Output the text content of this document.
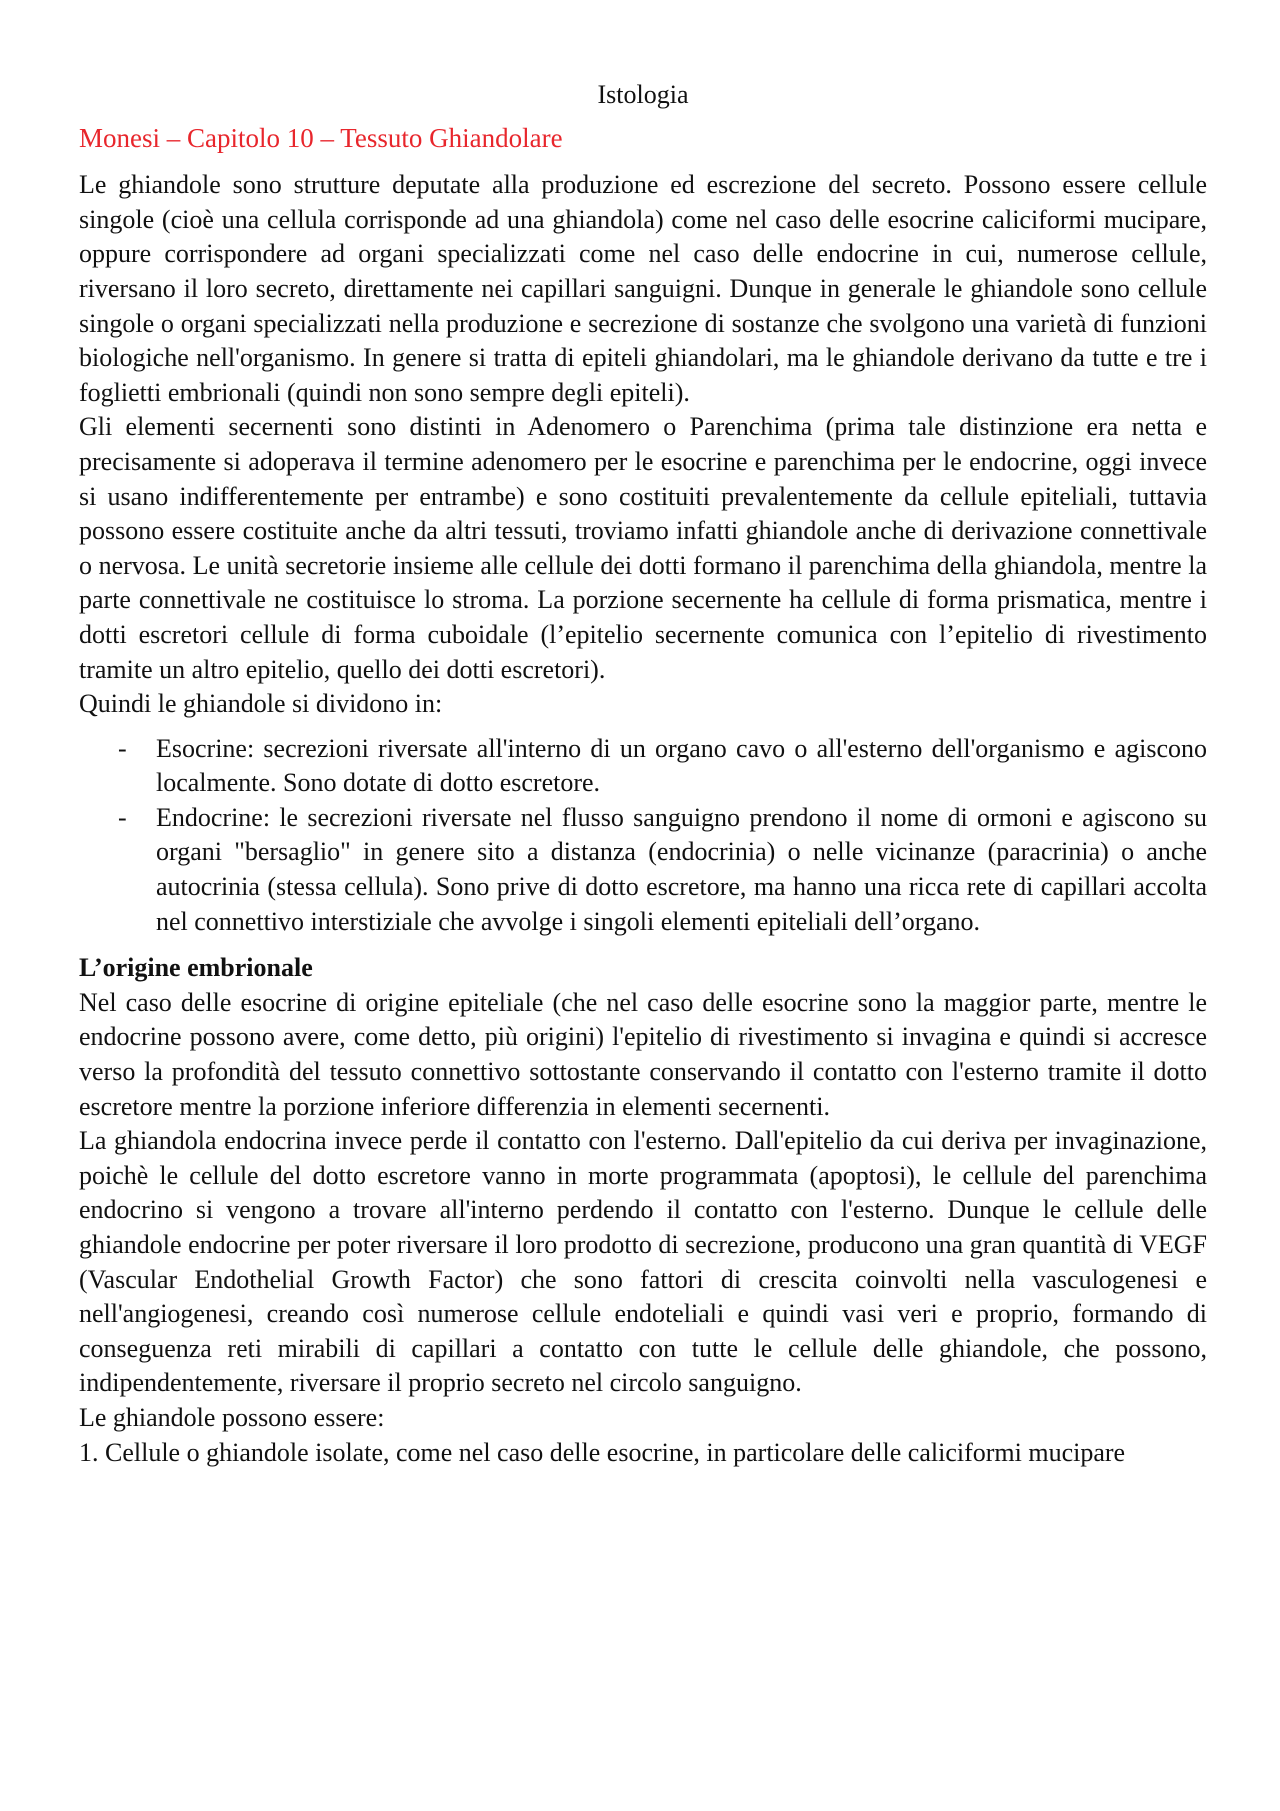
Istologia
Monesi – Capitolo 10 – Tessuto Ghiandolare

Le ghiandole sono strutture deputate alla produzione ed escrezione del secreto. Possono essere cellule singole (cioè una cellula corrisponde ad una ghiandola) come nel caso delle esocrine caliciformi mucipare, oppure corrispondere ad organi specializzati come nel caso delle endocrine in cui, numerose cellule, riversano il loro secreto, direttamente nei capillari sanguigni. Dunque in generale le ghiandole sono cellule singole o organi specializzati nella produzione e secrezione di sostanze che svolgono una varietà di funzioni biologiche nell'organismo. In genere si tratta di epiteli ghiandolari, ma le ghiandole derivano da tutte e tre i foglietti embrionali (quindi non sono sempre degli epiteli).

Gli elementi secernenti sono distinti in Adenomero o Parenchima (prima tale distinzione era netta e precisamente si adoperava il termine adenomero per le esocrine e parenchima per le endocrine, oggi invece si usano indifferentemente per entrambe) e sono costituiti prevalentemente da cellule epiteliali, tuttavia possono essere costituite anche da altri tessuti, troviamo infatti ghiandole anche di derivazione connettivale o nervosa. Le unità secretorie insieme alle cellule dei dotti formano il parenchima della ghiandola, mentre la parte connettivale ne costituisce lo stroma. La porzione secernente ha cellule di forma prismatica, mentre i dotti escretori cellule di forma cuboidale (l’epitelio secernente comunica con l’epitelio di rivestimento tramite un altro epitelio, quello dei dotti escretori).

Quindi le ghiandole si dividono in:

- Esocrine: secrezioni riversate all'interno di un organo cavo o all'esterno dell'organismo e agiscono localmente. Sono dotate di dotto escretore.
- Endocrine: le secrezioni riversate nel flusso sanguigno prendono il nome di ormoni e agiscono su organi "bersaglio" in genere sito a distanza (endocrinia) o nelle vicinanze (paracrinia) o anche autocrinia (stessa cellula). Sono prive di dotto escretore, ma hanno una ricca rete di capillari accolta nel connettivo interstiziale che avvolge i singoli elementi epiteliali dell’organo.
L’origine embrionale

Nel caso delle esocrine di origine epiteliale (che nel caso delle esocrine sono la maggior parte, mentre le endocrine possono avere, come detto, più origini) l'epitelio di rivestimento si invagina e quindi si accresce verso la profondità del tessuto connettivo sottostante conservando il contatto con l'esterno tramite il dotto escretore mentre la porzione inferiore differenzia in elementi secernenti.

La ghiandola endocrina invece perde il contatto con l'esterno. Dall'epitelio da cui deriva per invaginazione, poichè le cellule del dotto escretore vanno in morte programmata (apoptosi), le cellule del parenchima endocrino si vengono a trovare all'interno perdendo il contatto con l'esterno. Dunque le cellule delle ghiandole endocrine per poter riversare il loro prodotto di secrezione, producono una gran quantità di VEGF (Vascular Endothelial Growth Factor) che sono fattori di crescita coinvolti nella vasculogenesi e nell'angiogenesi, creando così numerose cellule endoteliali e quindi vasi veri e proprio, formando di conseguenza reti mirabili di capillari a contatto con tutte le cellule delle ghiandole, che possono, indipendentemente, riversare il proprio secreto nel circolo sanguigno.

Le ghiandole possono essere:

1. Cellule o ghiandole isolate, come nel caso delle esocrine, in particolare delle caliciformi mucipare
